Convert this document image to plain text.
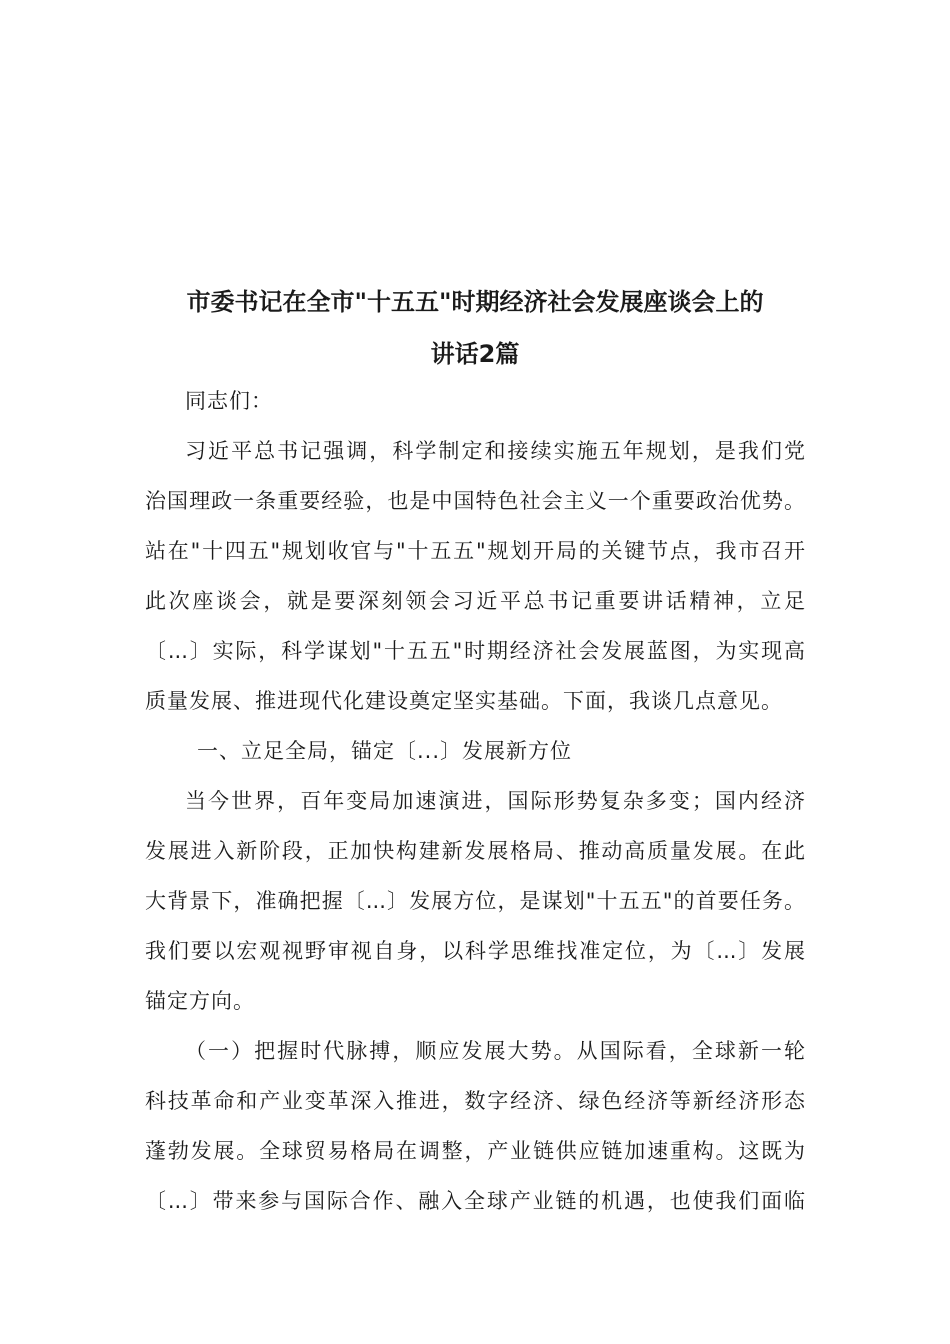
市委书记在全市"十五五"时期经济社会发展座谈会上的
讲话2篇
同志们：
习近平总书记强调，科学制定和接续实施五年规划，是我们党
治国理政一条重要经验，也是中国特色社会主义一个重要政治优势。
站在"十四五"规划收官与"十五五"规划开局的关键节点，我市召开
此次座谈会，就是要深刻领会习近平总书记重要讲话精神，立足
〔...〕实际，科学谋划"十五五"时期经济社会发展蓝图，为实现高
质量发展、推进现代化建设奠定坚实基础。下面，我谈几点意见。
一、立足全局，锚定〔...〕发展新方位
当今世界，百年变局加速演进，国际形势复杂多变；国内经济
发展进入新阶段，正加快构建新发展格局、推动高质量发展。在此
大背景下，准确把握〔...〕发展方位，是谋划"十五五"的首要任务。
我们要以宏观视野审视自身，以科学思维找准定位，为〔...〕发展
锚定方向。
（一）把握时代脉搏，顺应发展大势。从国际看，全球新一轮
科技革命和产业变革深入推进，数字经济、绿色经济等新经济形态
蓬勃发展。全球贸易格局在调整，产业链供应链加速重构。这既为
〔...〕带来参与国际合作、融入全球产业链的机遇，也使我们面临
